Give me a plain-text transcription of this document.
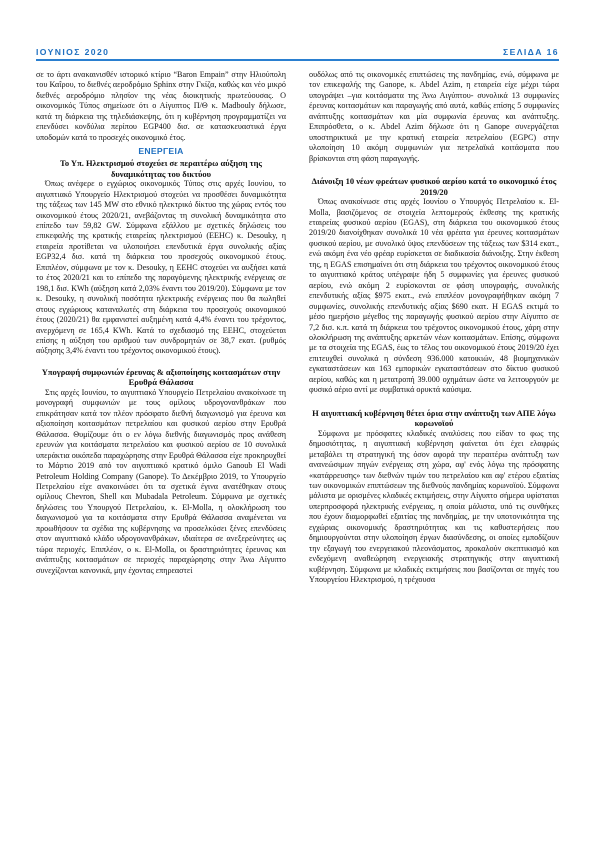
ΙΟΥΝΙΟΣ 2020	ΣΕΛΙΔΑ 16

σε το άρτι ανακαινισθέν ιστορικό κτίριο “Baron Empain” στην Ηλιούπολη του Καΐρου, το διεθνές αεροδρόμιο Sphinx στην Γκίζα, καθώς και νέο μικρό διεθνές αεροδρόμιο πλησίον της νέας διοικητικής πρωτεύουσας. Ο οικονομικός Τύπος σημείωσε ότι ο Αίγυπτος Π/Θ κ. Madbouly δήλωσε, κατά τη διάρκεια της τηλεδιάσκεψης, ότι η κυβέρνηση προγραμματίζει να επενδύσει κονδύλια περίπου EGP400 δισ. σε κατασκευαστικά έργα υποδομών κατά το προσεχές οικονομικό έτος.

ΕΝΕΡΓΕΙΑ

Το Υπ. Ηλεκτρισμού στοχεύει σε περαιτέρω αύξηση της δυναμικότητας του δικτύου

Όπως ανέφερε ο εγχώριος οικονομικός Τύπος στις αρχές Ιουνίου, το αιγυπτιακό Υπουργείο Ηλεκτρισμού στοχεύει να προσθέσει δυναμικότητα της τάξεως των 145 MW στο εθνικό ηλεκτρικό δίκτυο της χώρας εντός του οικονομικού έτους 2020/21, ανεβάζοντας τη συνολική δυναμικότητα στο επίπεδο των 59,82 GW. Σύμφωνα εξάλλου με σχετικές δηλώσεις του επικεφαλής της κρατικής εταιρείας ηλεκτρισμού (EEHC) κ. Desouky, η εταιρεία προτίθεται να υλοποιήσει επενδυτικά έργα συνολικής αξίας EGP32,4 δισ. κατά τη διάρκεια του προσεχούς οικονομικού έτους. Επιπλέον, σύμφωνα με τον κ. Desouky, η EEHC στοχεύει να αυξήσει κατά το έτος 2020/21 και το επίπεδο της παραγόμενης ηλεκτρικής ενέργειας σε 198,1 δισ. KWh (αύξηση κατά 2,03% έναντι του 2019/20). Σύμφωνα με τον κ. Desouky, η συνολική ποσότητα ηλεκτρικής ενέργειας που θα πωληθεί στους εγχώριους καταναλωτές στη διάρκεια του προσεχούς οικονομικού έτους (2020/21) θα εμφανιστεί αυξημένη κατά 4,4% έναντι του τρέχοντος, ανερχόμενη σε 165,4 KWh. Κατά το σχεδιασμό της EEHC, στοχεύεται επίσης η αύξηση του αριθμού των συνδρομητών σε 38,7 εκατ. (ρυθμός αύξησης 3,4% έναντι του τρέχοντος οικονομικού έτους).

Υπογραφή συμφωνιών έρευνας & αξιοποίησης κοιτασμάτων στην Ερυθρά Θάλασσα

Στις αρχές Ιουνίου, το αιγυπτιακό Υπουργείο Πετρελαίου ανακοίνωσε τη μονογραφή συμφωνιών με τους ομίλους υδρογονανθράκων που επικράτησαν κατά τον πλέον πρόσφατο διεθνή διαγωνισμό για έρευνα και αξιοποίηση κοιτασμάτων πετρελαίου και φυσικού αερίου στην Ερυθρά Θάλασσα. Θυμίζουμε ότι ο εν λόγω διεθνής διαγωνισμός προς ανάθεση ερευνών για κοιτάσματα πετρελαίου και φυσικού αερίου σε 10 συνολικά υπεράκτια οικόπεδα παραχώρησης στην Ερυθρά Θάλασσα είχε προκηρυχθεί το Μάρτιο 2019 από τον αιγυπτιακό κρατικό όμιλο Ganoub El Wadi Petroleum Holding Company (Ganope). Το Δεκέμβριο 2019, το Υπουργείο Πετρελαίου είχε ανακοινώσει ότι τα σχετικά έγινα ανατέθηκαν στους ομίλους Chevron, Shell και Mubadala Petroleum. Σύμφωνα με σχετικές δηλώσεις του Υπουργού Πετρελαίου, κ. El-Molla, η ολοκλήρωση του διαγωνισμού για τα κοιτάσματα στην Ερυθρά Θάλασσα αναμένεται να προωθήσουν τα σχέδια της κυβέρνησης να προσελκύσει ξένες επενδύσεις στον αιγυπτιακό κλάδο υδρογονανθράκων, ιδιαίτερα σε ανεξερεύνητες ως τώρα περιοχές. Επιπλέον, ο κ. El-Molla, οι δραστηριότητες έρευνας και ανάπτυξης κοιτασμάτων σε περιοχές παραχώρησης στην Άνω Αίγυπτο συνεχίζονται κανονικά, μην έχοντας επηρεαστεί

ουδόλως από τις οικονομικές επιπτώσεις της πανδημίας, ενώ, σύμφωνα με τον επικεφαλής της Ganope, κ. Abdel Azim, η εταιρεία είχε μέχρι τώρα υπογράψει –για κοιτάσματα της Άνω Αιγύπτου- συνολικά 13 συμφωνίες έρευνας κοιτασμάτων και παραγωγής από αυτά, καθώς επίσης 5 συμφωνίες ανάπτυξης κοιτασμάτων και μία συμφωνία έρευνας και ανάπτυξης. Επιπρόσθετα, ο κ. Abdel Azim δήλωσε ότι η Ganope συνεργάζεται υποστηρικτικά με την κρατική εταιρεία πετρελαίου (EGPC) στην υλοποίηση 10 ακόμη συμφωνιών για πετρελαϊκά κοιτάσματα που βρίσκονται στη φάση παραγωγής.

Διάνοιξη 10 νέων φρεάτων φυσικού αερίου κατά το οικονομικό έτος 2019/20

Όπως ανακοίνωσε στις αρχές Ιουνίου ο Υπουργός Πετρελαίου κ. El-Molla, βασιζόμενος σε στοιχεία λεπτομερούς έκθεσης της κρατικής εταιρείας φυσικού αερίου (EGAS), στη διάρκεια του οικονομικού έτους 2019/20 διανοίχθηκαν συνολικά 10 νέα φρέατα για έρευνες κοιτασμάτων φυσικού αερίου, με συνολικό ύψος επενδύσεων της τάξεως των $314 εκατ., ενώ ακόμη ένα νέο φρέαρ ευρίσκεται σε διαδικασία διάνοιξης. Στην έκθεση της, η EGAS επισημαίνει ότι στη διάρκεια του τρέχοντος οικονομικού έτους το αιγυπτιακό κράτος υπέγραψε ήδη 5 συμφωνίες για έρευνες φυσικού αερίου, ενώ ακόμη 2 ευρίσκονται σε φάση υπογραφής, συνολικής επενδυτικής αξίας $975 εκατ., ενώ επιπλέον μονογραφήθηκαν ακόμη 7 συμφωνίες, συνολικής επενδυτικής αξίας $690 εκατ. Η EGAS εκτιμά το μέσο ημερήσιο μέγεθος της παραγωγής φυσικού αερίου στην Αίγυπτο σε 7,2 δισ. κ.π. κατά τη διάρκεια του τρέχοντος οικονομικού έτους, χάρη στην ολοκλήρωση της ανάπτυξης αρκετών νέων κοιτασμάτων. Επίσης, σύμφωνα με τα στοιχεία της EGAS, έως το τέλος του οικονομικού έτους 2019/20 έχει επιτευχθεί συνολικά η σύνδεση 936.000 κατοικιών, 48 βιομηχανικών εγκαταστάσεων και 163 εμπορικών εγκαταστάσεων στο δίκτυο φυσικού αερίου, καθώς και η μετατροπή 39.000 οχημάτων ώστε να λειτουργούν με φυσικό αέριο αντί με συμβατικά ορυκτά καύσιμα.

Η αιγυπτιακή κυβέρνηση θέτει όρια στην ανάπτυξη των ΑΠΕ λόγω κορωνοϊού

Σύμφωνα με πρόσφατες κλαδικές αναλύσεις που είδαν το φως της δημοσιότητας, η αιγυπτιακή κυβέρνηση φαίνεται ότι έχει ελαφρώς μεταβάλει τη στρατηγική της όσον αφορά την περαιτέρω ανάπτυξη των ανανεώσιμων πηγών ενέργειας στη χώρα, αφ' ενός λόγω της πρόσφατης «κατάρρευσης» των διεθνών τιμών του πετρελαίου και αφ' ετέρου εξαιτίας των οικονομικών επιπτώσεων της διεθνούς πανδημίας κορωνοϊού. Σύμφωνα μάλιστα με ορισμένες κλαδικές εκτιμήσεις, στην Αίγυπτο σήμερα υφίσταται υπερπροσφορά ηλεκτρικής ενέργειας, η οποία μάλιστα, υπό τις συνθήκες που έχουν διαμορφωθεί εξαιτίας της πανδημίας, με την υποτονικότητα της εγχώριας οικονομικής δραστηριότητας και τις καθυστερήσεις που δημιουργούνται στην υλοποίηση έργων διασύνδεσης, οι οποίες εμποδίζουν την εξαγωγή του ενεργειακού πλεονάσματος, προκαλούν σκεπτικισμό και ενδεχόμενη αναθεώρηση ενεργειακής στρατηγικής στην αιγυπτιακή κυβέρνηση. Σύμφωνα με κλαδικές εκτιμήσεις που βασίζονται σε πηγές του Υπουργείου Ηλεκτρισμού, η τρέχουσα
